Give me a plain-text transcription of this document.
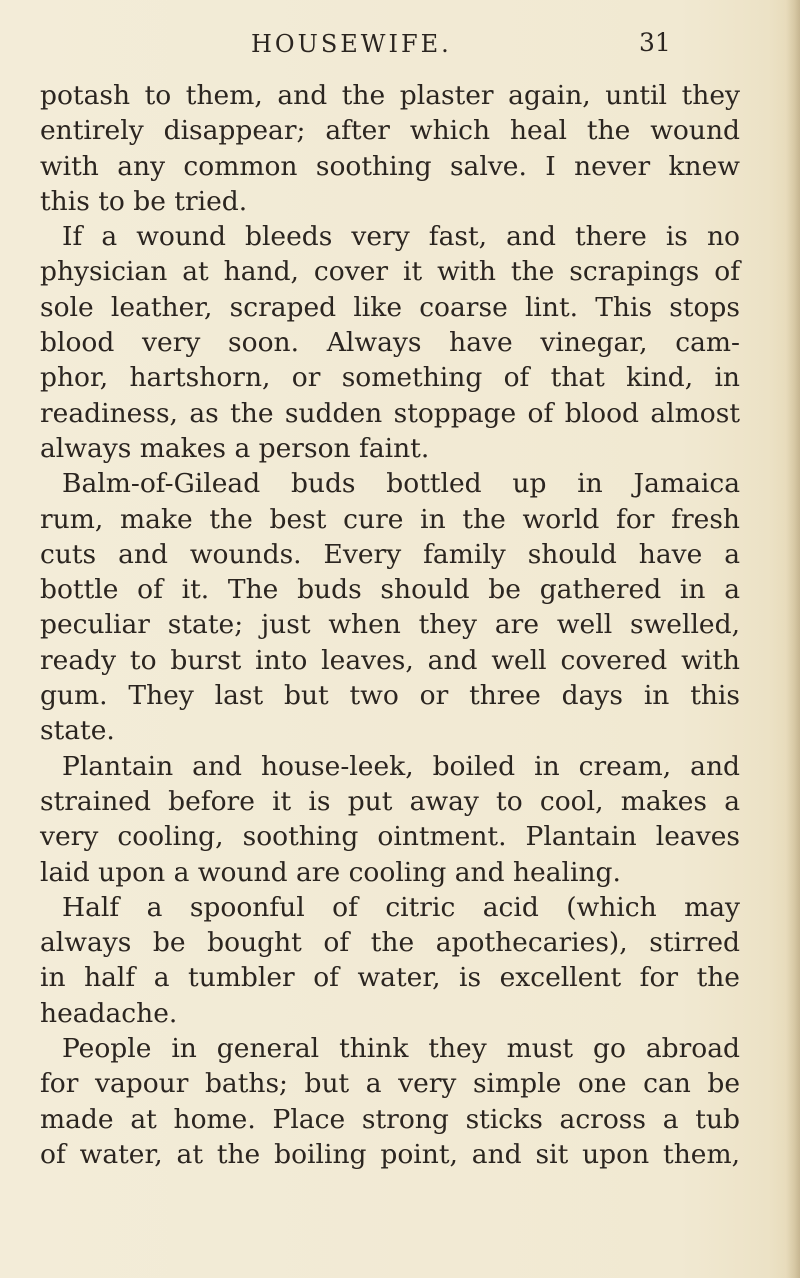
HOUSEWIFE.	31
potash to them, and the plaster again, until they
entirely disappear; after which heal the wound
with any common soothing salve. I never knew
this to be tried.
If a wound bleeds very fast, and there is no
physician at hand, cover it with the scrapings of
sole leather, scraped like coarse lint. This stops
blood very soon. Always have vinegar, cam-
phor, hartshorn, or something of that kind, in
readiness, as the sudden stoppage of blood almost
always makes a person faint.
Balm-of-Gilead buds bottled up in Jamaica
rum, make the best cure in the world for fresh
cuts and wounds. Every family should have a
bottle of it. The buds should be gathered in a
peculiar state; just when they are well swelled,
ready to burst into leaves, and well covered with
gum. They last but two or three days in this
state.
Plantain and house-leek, boiled in cream, and
strained before it is put away to cool, makes a
very cooling, soothing ointment. Plantain leaves
laid upon a wound are cooling and healing.
Half a spoonful of citric acid (which may
always be bought of the apothecaries), stirred
in half a tumbler of water, is excellent for the
headache.
People in general think they must go abroad
for vapour baths; but a very simple one can be
made at home. Place strong sticks across a tub
of water, at the boiling point, and sit upon them,
